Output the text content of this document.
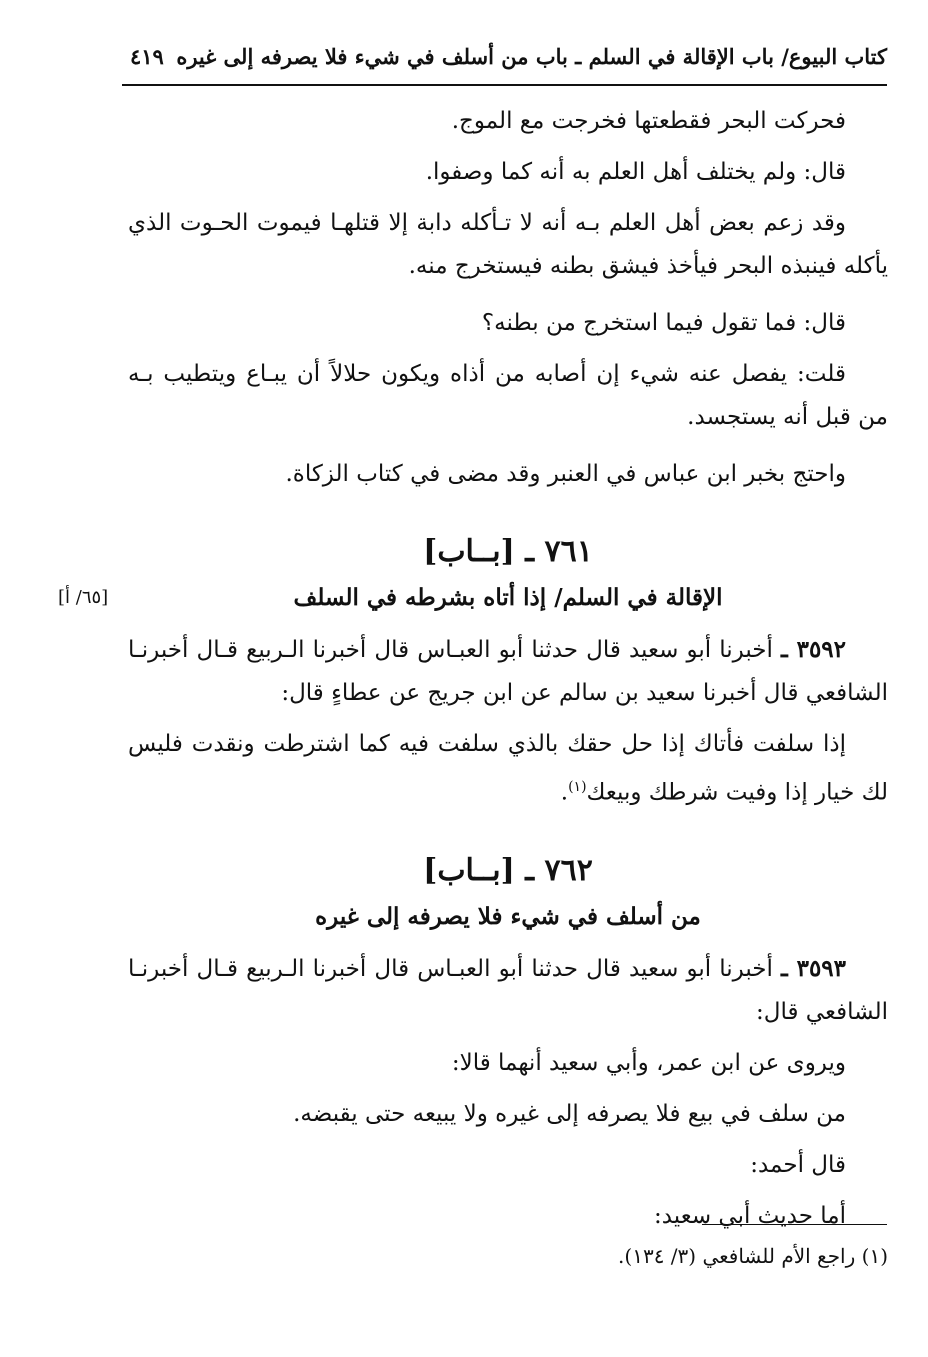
كتاب البيوع/ باب الإقالة في السلم ـ باب من أسلف في شيء فلا يصرفه إلى غيره
٤١٩

فحركت البحر فقطعتها فخرجت مع الموج.

قال: ولم يختلف أهل العلم به أنه كما وصفوا.

وقد زعم بعض أهل العلم بـه أنه لا تـأكله دابة إلا قتلهـا فيموت الحـوت الذي يأكله فينبذه البحر فيأخذ فيشق بطنه فيستخرج منه.

قال: فما تقول فيما استخرج من بطنه؟

قلت: يفصل عنه شيء إن أصابه من أذاه ويكون حلالاً أن يبـاع ويتطيب بـه من قبل أنه يستجسد.

واحتج بخبر ابن عباس في العنبر وقد مضى في كتاب الزكاة.

٧٦١ ـ [بــاب]
الإقالة في السلم/ إذا أتاه بشرطه في السلف
[٦٥/ أ]

٣٥٩٢ ـ أخبرنا أبو سعيد قال حدثنا أبو العبـاس قال أخبرنا الـربيع قـال أخبرنـا الشافعي قال أخبرنا سعيد بن سالم عن ابن جريج عن عطاءٍ قال:

إذا سلفت فأتاك إذا حل حقك بالذي سلفت فيه كما اشترطت ونقدت فليس لك خيار إذا وفيت شرطك وبيعك$^{(١)}$.

٧٦٢ ـ [بــاب]
من أسلف في شيء فلا يصرفه إلى غيره

٣٥٩٣ ـ أخبرنا أبو سعيد قال حدثنا أبو العبـاس قال أخبرنا الـربيع قـال أخبرنـا الشافعي قال:

ويروى عن ابن عمر، وأبي سعيد أنهما قالا:

من سلف في بيع فلا يصرفه إلى غيره ولا يبيعه حتى يقبضه.

قال أحمد:

أما حديث أبي سعيد:

(١) راجع الأم للشافعي (٣/ ١٣٤).
